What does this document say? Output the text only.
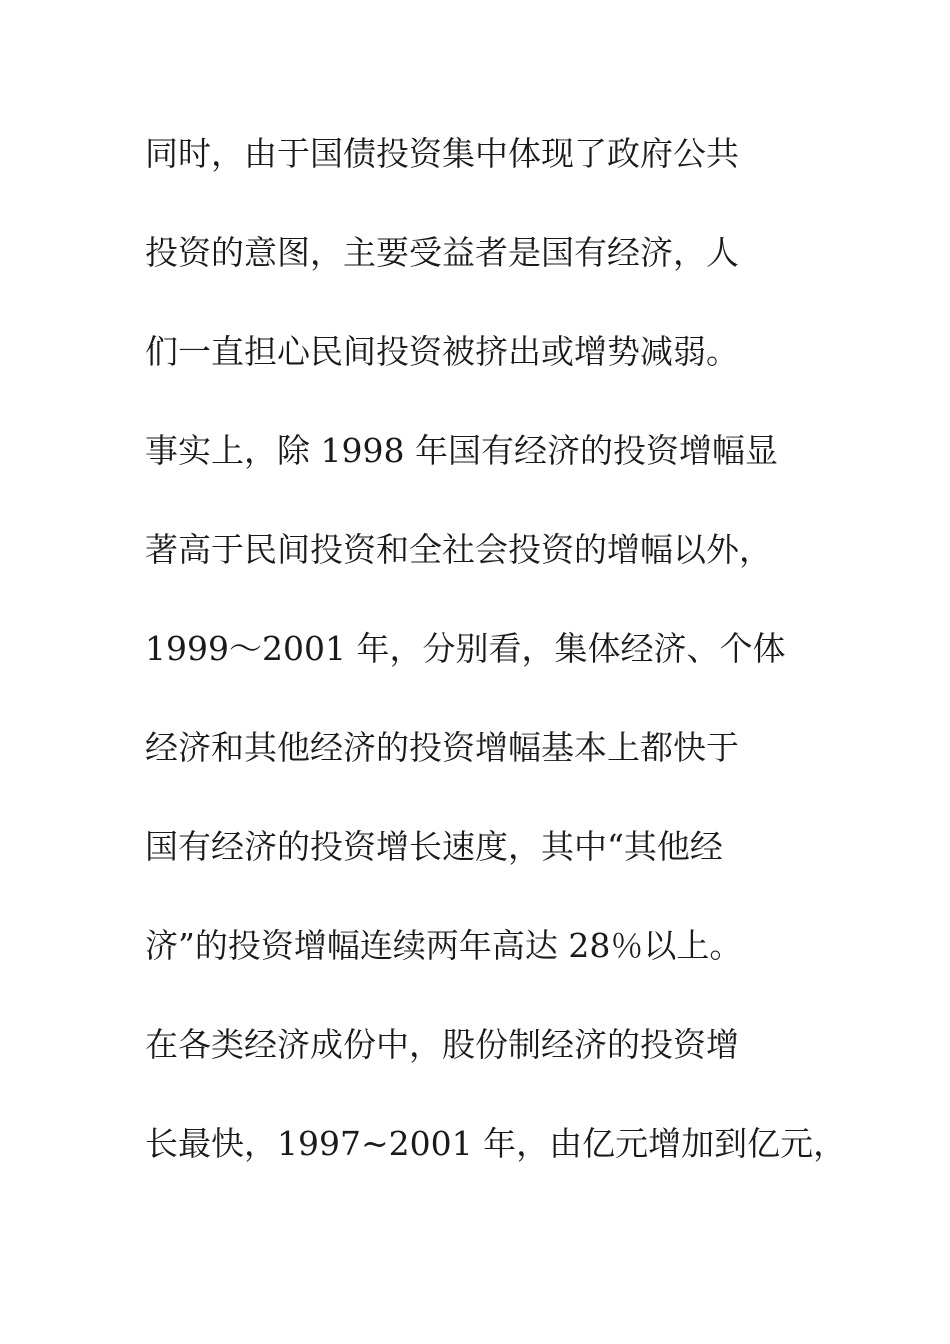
同时，由于国债投资集中体现了政府公共
投资的意图，主要受益者是国有经济，人
们一直担心民间投资被挤出或增势减弱。
事实上，除 1998 年国有经济的投资增幅显
著高于民间投资和全社会投资的增幅以外，
1999～2001 年，分别看，集体经济、个体
经济和其他经济的投资增幅基本上都快于
国有经济的投资增长速度，其中“其他经
济”的投资增幅连续两年高达 28％以上。
在各类经济成份中，股份制经济的投资增
长最快，1997~2001 年，由亿元增加到亿元，
